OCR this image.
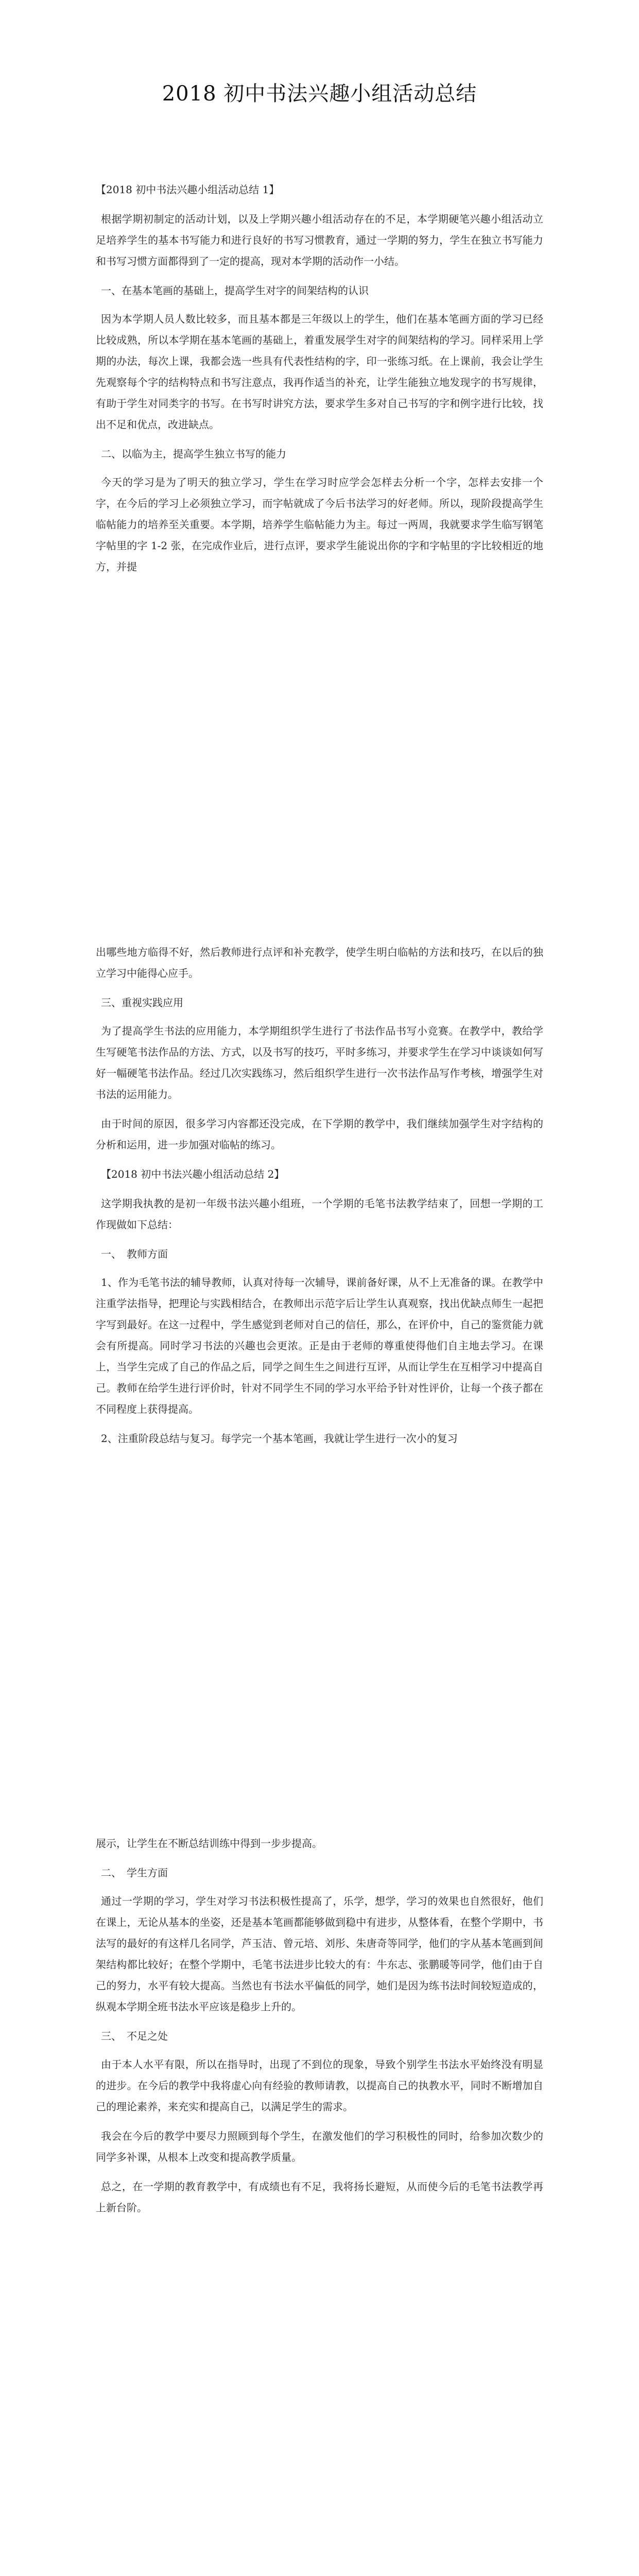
2018 初中书法兴趣小组活动总结

【2018 初中书法兴趣小组活动总结 1】

根据学期初制定的活动计划，以及上学期兴趣小组活动存在的不足，本学期硬笔兴趣小组活动立足培养学生的基本书写能力和进行良好的书写习惯教育，通过一学期的努力，学生在独立书写能力和书写习惯方面都得到了一定的提高，现对本学期的活动作一小结。

一、在基本笔画的基础上，提高学生对字的间架结构的认识

因为本学期人员人数比较多，而且基本都是三年级以上的学生，他们在基本笔画方面的学习已经比较成熟，所以本学期在基本笔画的基础上，着重发展学生对字的间架结构的学习。同样采用上学期的办法，每次上课，我都会选一些具有代表性结构的字，印一张练习纸。在上课前，我会让学生先观察每个字的结构特点和书写注意点，我再作适当的补充，让学生能独立地发现字的书写规律，有助于学生对同类字的书写。在书写时讲究方法，要求学生多对自己书写的字和例字进行比较，找出不足和优点，改进缺点。

二、以临为主，提高学生独立书写的能力

今天的学习是为了明天的独立学习，学生在学习时应学会怎样去分析一个字，怎样去安排一个字，在今后的学习上必须独立学习，而字帖就成了今后书法学习的好老师。所以，现阶段提高学生临帖能力的培养至关重要。本学期，培养学生临帖能力为主。每过一两周，我就要求学生临写钢笔字帖里的字 1-2 张，在完成作业后，进行点评，要求学生能说出你的字和字帖里的字比较相近的地方，并提

出哪些地方临得不好，然后教师进行点评和补充教学，使学生明白临帖的方法和技巧，在以后的独立学习中能得心应手。

三、重视实践应用

为了提高学生书法的应用能力，本学期组织学生进行了书法作品书写小竞赛。在教学中，教给学生写硬笔书法作品的方法、方式，以及书写的技巧，平时多练习，并要求学生在学习中谈谈如何写好一幅硬笔书法作品。经过几次实践练习，然后组织学生进行一次书法作品写作考核，增强学生对书法的运用能力。

由于时间的原因，很多学习内容都还没完成，在下学期的教学中，我们继续加强学生对字结构的分析和运用，进一步加强对临帖的练习。

【2018 初中书法兴趣小组活动总结 2】

这学期我执教的是初一年级书法兴趣小组班，一个学期的毛笔书法教学结束了，回想一学期的工作现做如下总结：

一、　教师方面

1、作为毛笔书法的辅导教师，认真对待每一次辅导，课前备好课，从不上无准备的课。在教学中注重学法指导，把理论与实践相结合，在教师出示范字后让学生认真观察，找出优缺点师生一起把字写到最好。在这一过程中，学生感觉到老师对自己的信任，那么，在评价中，自己的鉴赏能力就会有所提高。同时学习书法的兴趣也会更浓。正是由于老师的尊重使得他们自主地去学习。在课上，当学生完成了自己的作品之后，同学之间生生之间进行互评，从而让学生在互相学习中提高自己。教师在给学生进行评价时，针对不同学生不同的学习水平给予针对性评价，让每一个孩子都在不同程度上获得提高。

2、注重阶段总结与复习。每学完一个基本笔画，我就让学生进行一次小的复习

展示，让学生在不断总结训练中得到一步步提高。

二、　学生方面

通过一学期的学习，学生对学习书法积极性提高了，乐学，想学，学习的效果也自然很好，他们在课上，无论从基本的坐姿，还是基本笔画都能够做到稳中有进步，从整体看，在整个学期中，书法写的最好的有这样几名同学，芦玉洁、曾元培、刘彤、朱唐奇等同学，他们的字从基本笔画到间架结构都比较好；在整个学期中，毛笔书法进步比较大的有：牛东志、张鹏暖等同学，他们由于自己的努力，水平有较大提高。当然也有书法水平偏低的同学，她们是因为练书法时间较短造成的，纵观本学期全班书法水平应该是稳步上升的。

三、　不足之处

由于本人水平有限，所以在指导时，出现了不到位的现象，导致个别学生书法水平始终没有明显的进步。在今后的教学中我将虚心向有经验的教师请教，以提高自己的执教水平，同时不断增加自己的理论素养，来充实和提高自己，以满足学生的需求。

我会在今后的教学中要尽力照顾到每个学生，在激发他们的学习积极性的同时，给参加次数少的同学多补课，从根本上改变和提高教学质量。

总之，在一学期的教育教学中，有成绩也有不足，我将扬长避短，从而使今后的毛笔书法教学再上新台阶。
